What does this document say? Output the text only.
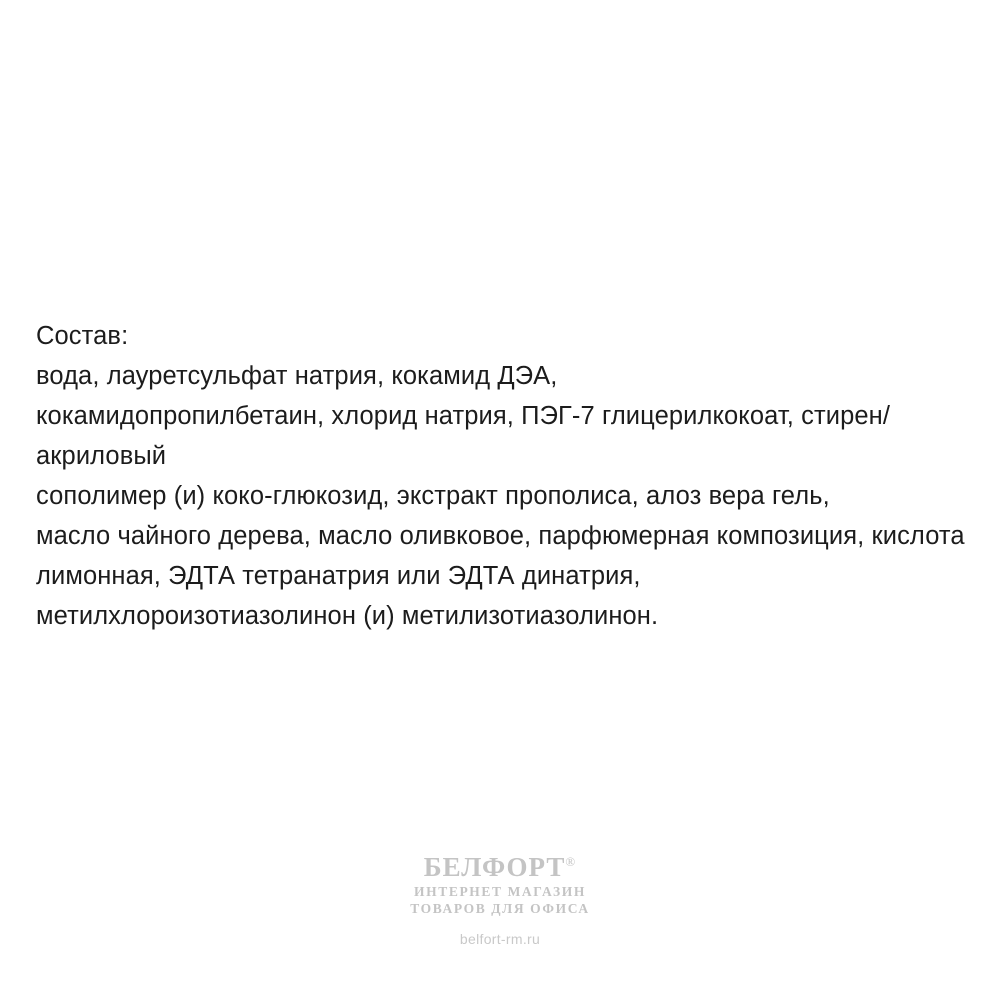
Состав:
вода, лауретсульфат натрия, кокамид ДЭА,
кокамидопропилбетаин, хлорид натрия, ПЭГ-7 глицерилкокоат, стирен/акриловый
сополимер (и) коко-глюкозид, экстракт прополиса, алоз вера гель,
масло чайного дерева, масло оливковое, парфюмерная композиция, кислота
лимонная, ЭДТА тетранатрия или ЭДТА динатрия,
метилхлороизотиазолинон (и) метилизотиазолинон.
БЕЛФОРТ®
ИНТЕРНЕТ МАГАЗИН
ТОВАРОВ ДЛЯ ОФИСА
belfort-rm.ru
